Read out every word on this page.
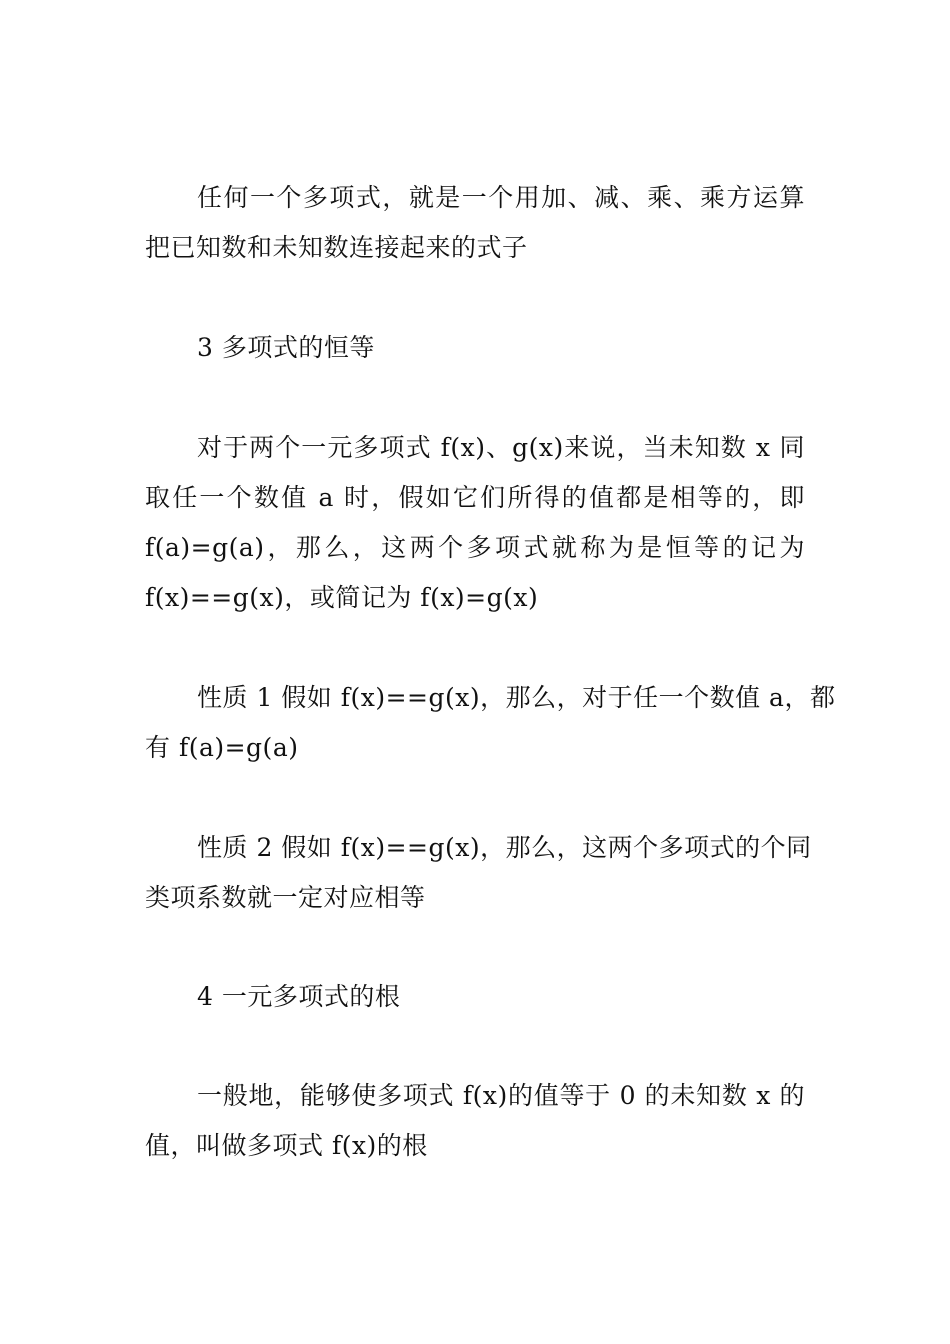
任何一个多项式，就是一个用加、减、乘、乘方运算
把已知数和未知数连接起来的式子
3 多项式的恒等
对于两个一元多项式 f(x)、g(x)来说，当未知数 x 同
取任一个数值 a 时，假如它们所得的值都是相等的，即
f(a)=g(a)，那么，这两个多项式就称为是恒等的记为
f(x)==g(x)，或简记为 f(x)=g(x)
性质 1 假如 f(x)==g(x)，那么，对于任一个数值 a，都
有 f(a)=g(a)
性质 2 假如 f(x)==g(x)，那么，这两个多项式的个同
类项系数就一定对应相等
4 一元多项式的根
一般地，能够使多项式 f(x)的值等于 0 的未知数 x 的
值，叫做多项式 f(x)的根
